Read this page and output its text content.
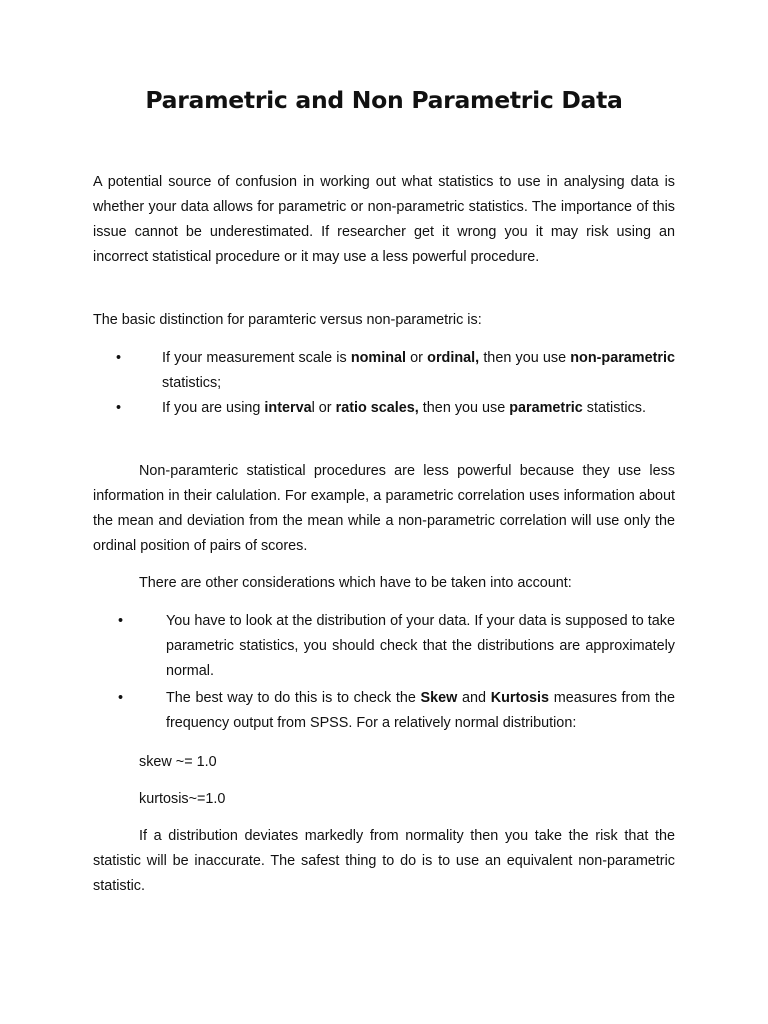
Parametric and Non Parametric Data

A potential source of confusion in working out what statistics to use in analysing data is whether your data allows for parametric or non-parametric statistics. The importance of this issue cannot be underestimated. If researcher get it wrong you it may risk using an incorrect statistical procedure or it may use a less powerful procedure.

The basic distinction for paramteric versus non-parametric is:

•	If your measurement scale is nominal or ordinal, then you use non-parametric statistics;

•	If you are using interval or ratio scales, then you use parametric statistics.

Non-paramteric statistical procedures are less powerful because they use less information in their calulation. For example, a parametric correlation uses information about the mean and deviation from the mean while a non-parametric correlation will use only the ordinal position of pairs of scores.

There are other considerations which have to be taken into account:

•	You have to look at the distribution of your data. If your data is supposed to take parametric statistics, you should check that the distributions are approximately normal.

•	The best way to do this is to check the Skew and Kurtosis measures from the frequency output from SPSS. For a relatively normal distribution:

skew ~= 1.0

kurtosis~=1.0

If a distribution deviates markedly from normality then you take the risk that the statistic will be inaccurate. The safest thing to do is to use an equivalent non-parametric statistic.
